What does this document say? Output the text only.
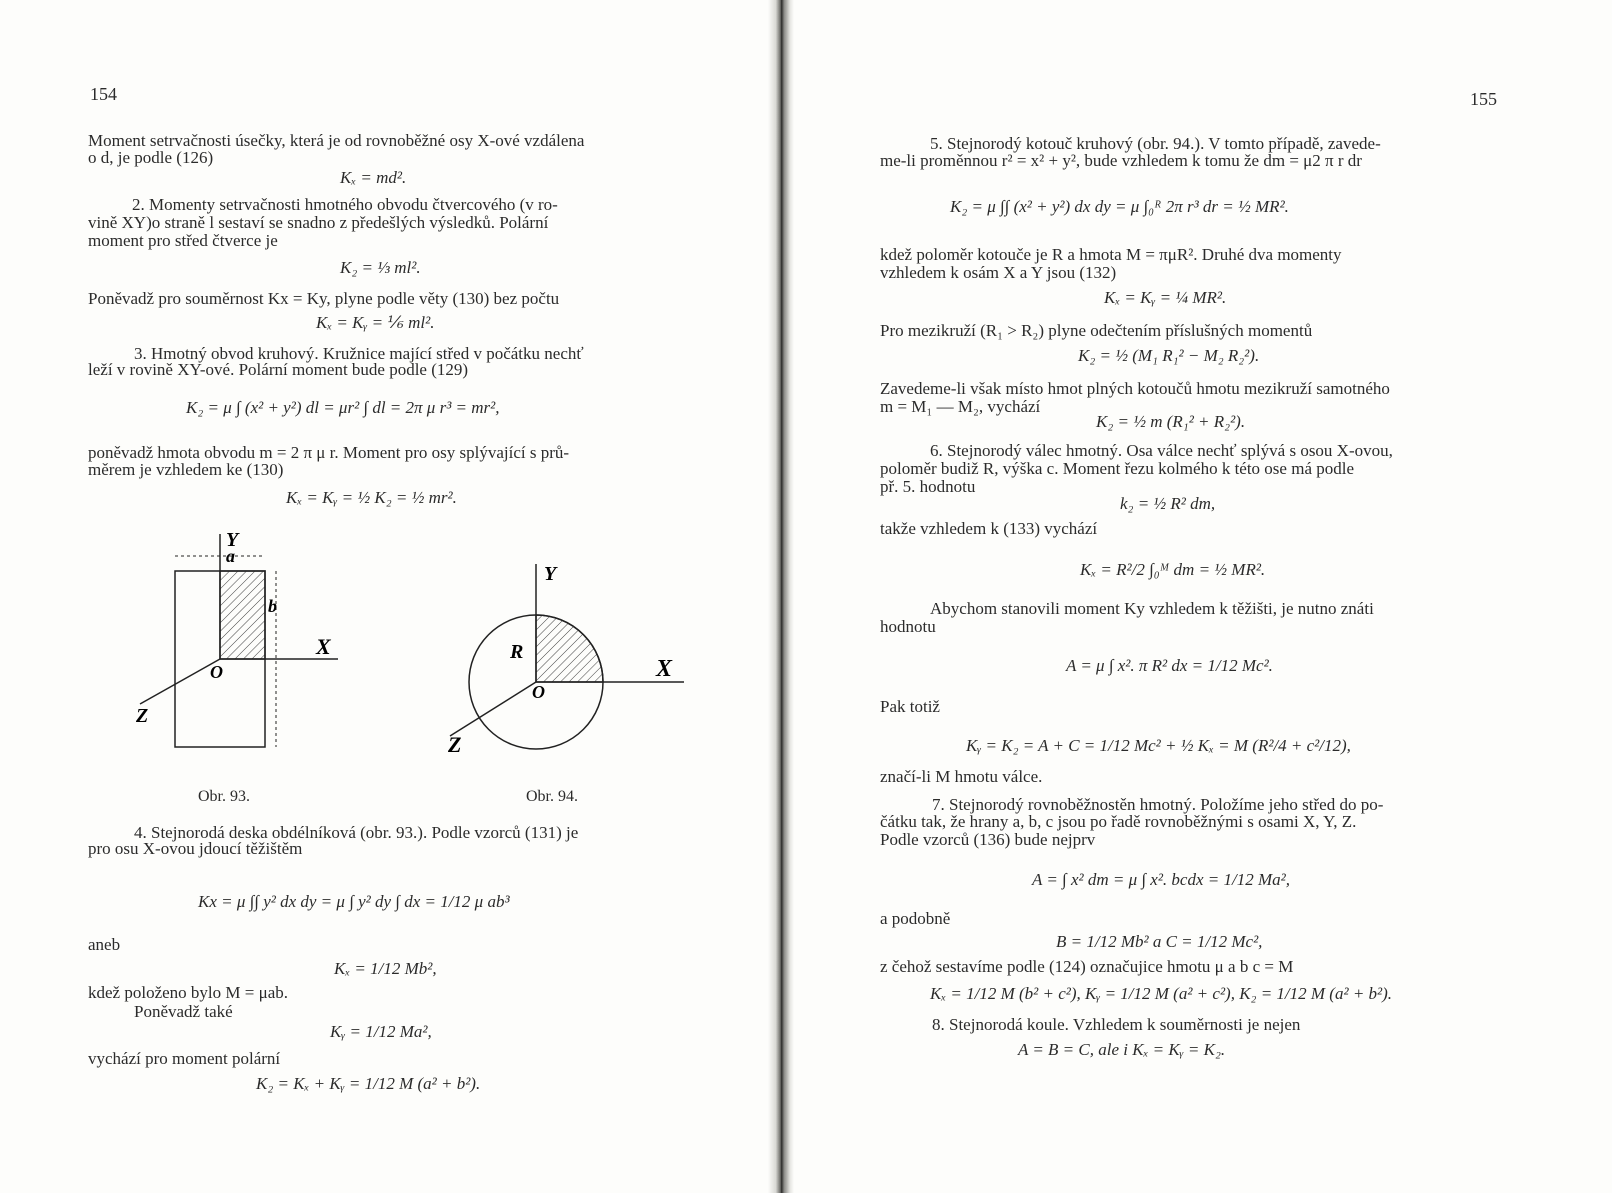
154
Moment setrvačnosti úsečky, která je od rovnoběžné osy X-ové vzdálena
o d, je podle (126)
Kₓ = md².
2. Momenty setrvačnosti hmotného obvodu čtvercového (v ro-
vině XY)o straně l sestaví se snadno z předešlých výsledků. Polární
moment pro střed čtverce je
K₂ = ⅓ ml².
Poněvadž pro souměrnost Kx = Ky, plyne podle věty (130) bez počtu
Kₓ = Kᵧ = ⅙ ml².
3. Hmotný obvod kruhový. Kružnice mající střed v počátku nechť
leží v rovině XY-ové. Polární moment bude podle (129)
K₂ = μ ∫ (x² + y²) dl = μr² ∫ dl = 2π μ r³ = mr²,
poněvadž hmota obvodu m = 2 π μ r. Moment pro osy splývající s prů-
měrem je vzhledem ke (130)
Kₓ = Kᵧ = ½ K₂ = ½ mr².
Y
a
b
X
O
Z
Obr. 93.
Y
R
X
O
Z
Obr. 94.
4. Stejnorodá deska obdélníková (obr. 93.). Podle vzorců (131) je
pro osu X-ovou jdoucí těžištěm
Kx = μ ∫∫ y² dx dy = μ ∫ y² dy ∫ dx = 1/12 μ ab³
aneb
Kₓ = 1/12 Mb²,
kdež položeno bylo M = μab.
Poněvadž také
Kᵧ = 1/12 Ma²,
vychází pro moment polární
K₂ = Kₓ + Kᵧ = 1/12 M (a² + b²).
155
5. Stejnorodý kotouč kruhový (obr. 94.). V tomto případě, zavede-
me-li proměnnou r² = x² + y², bude vzhledem k tomu že dm = μ2 π r dr
K₂ = μ ∫∫ (x² + y²) dx dy = μ ∫₀ᴿ 2π r³ dr = ½ MR².
kdež poloměr kotouče je R a hmota M = πμR². Druhé dva momenty
vzhledem k osám X a Y jsou (132)
Kₓ = Kᵧ = ¼ MR².
Pro mezikruží (R₁ > R₂) plyne odečtením příslušných momentů
K₂ = ½ (M₁ R₁² − M₂ R₂²).
Zavedeme-li však místo hmot plných kotoučů hmotu mezikruží samotného
m = M₁ — M₂, vychází
K₂ = ½ m (R₁² + R₂²).
6. Stejnorodý válec hmotný. Osa válce nechť splývá s osou X-ovou,
poloměr budiž R, výška c. Moment řezu kolmého k této ose má podle
př. 5. hodnotu
k₂ = ½ R² dm,
takže vzhledem k (133) vychází
Kₓ = R²/2 ∫₀ᴹ dm = ½ MR².
Abychom stanovili moment Ky vzhledem k těžišti, je nutno znáti
hodnotu
A = μ ∫ x². π R² dx = 1/12 Mc².
Pak totiž
Kᵧ = K₂ = A + C = 1/12 Mc² + ½ Kₓ = M (R²/4 + c²/12),
značí-li M hmotu válce.
7. Stejnorodý rovnoběžnostěn hmotný. Položíme jeho střed do po-
čátku tak, že hrany a, b, c jsou po řadě rovnoběžnými s osami X, Y, Z.
Podle vzorců (136) bude nejprv
A = ∫ x² dm = μ ∫ x². bcdx = 1/12 Ma²,
a podobně
B = 1/12 Mb² a C = 1/12 Mc²,
z čehož sestavíme podle (124) označujice hmotu μ a b c = M
Kₓ = 1/12 M (b² + c²), Kᵧ = 1/12 M (a² + c²), K₂ = 1/12 M (a² + b²).
8. Stejnorodá koule. Vzhledem k souměrnosti je nejen
A = B = C, ale i Kₓ = Kᵧ = K₂.
